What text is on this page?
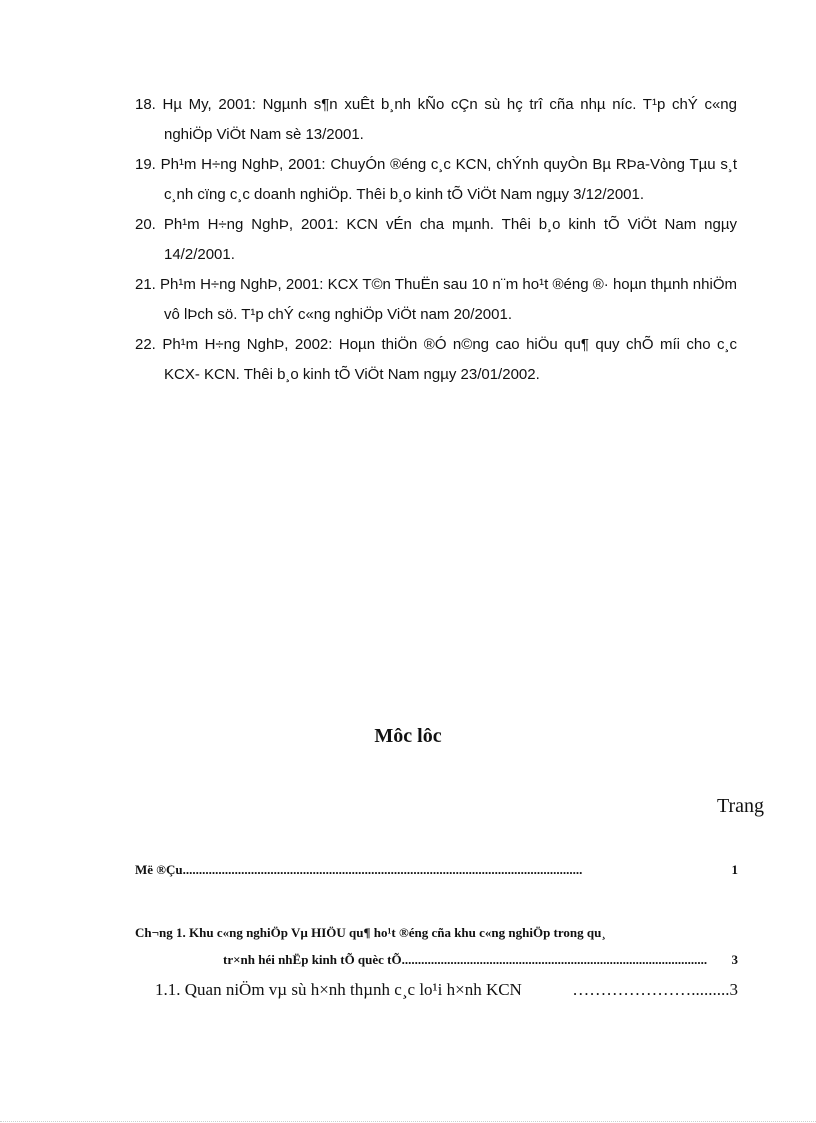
18. Hµ My, 2001: Ngµnh s¶n xuÊt b¸nh kÑo cÇn sù hç trî cña nhµ níc. T¹p chÝ c«ng nghiÖp ViÖt Nam sè 13/2001.

19. Ph¹m H÷ng NghÞ, 2001: ChuyÓn ®éng c¸c KCN, chÝnh quyÒn Bµ RÞa-Vòng Tµu s¸t c¸nh cïng c¸c doanh nghiÖp. Thêi b¸o kinh tÕ ViÖt Nam ngµy 3/12/2001.

20. Ph¹m H÷ng NghÞ, 2001: KCN vÉn cha mµnh. Thêi b¸o kinh tÕ ViÖt Nam ngµy 14/2/2001.

21. Ph¹m H÷ng NghÞ, 2001: KCX T©n ThuËn sau 10 n¨m ho¹t ®éng ®· hoµn thµnh nhiÖm vô lÞch sö. T¹p chÝ c«ng nghiÖp ViÖt nam 20/2001.

22. Ph¹m H÷ng NghÞ, 2002: Hoµn thiÖn ®Ó n©ng cao hiÖu qu¶ quy chÕ míi cho c¸c KCX- KCN. Thêi b¸o kinh tÕ ViÖt Nam ngµy 23/01/2002.

Môc lôc
Trang
Më ®Çu ...........................................................................................................................	1
Ch¬ng 1. Khu c«ng nghiÖp Vµ HIÖU qu¶ ho¹t ®éng cña khu c«ng nghiÖp trong qu¸
tr×nh héi nhËp kinh tÕ quèc tÕ ..............................................................................................	3
1.1. Quan niÖm vµ sù h×nh thµnh c¸c lo¹i h×nh KCN	…………………......... 3
